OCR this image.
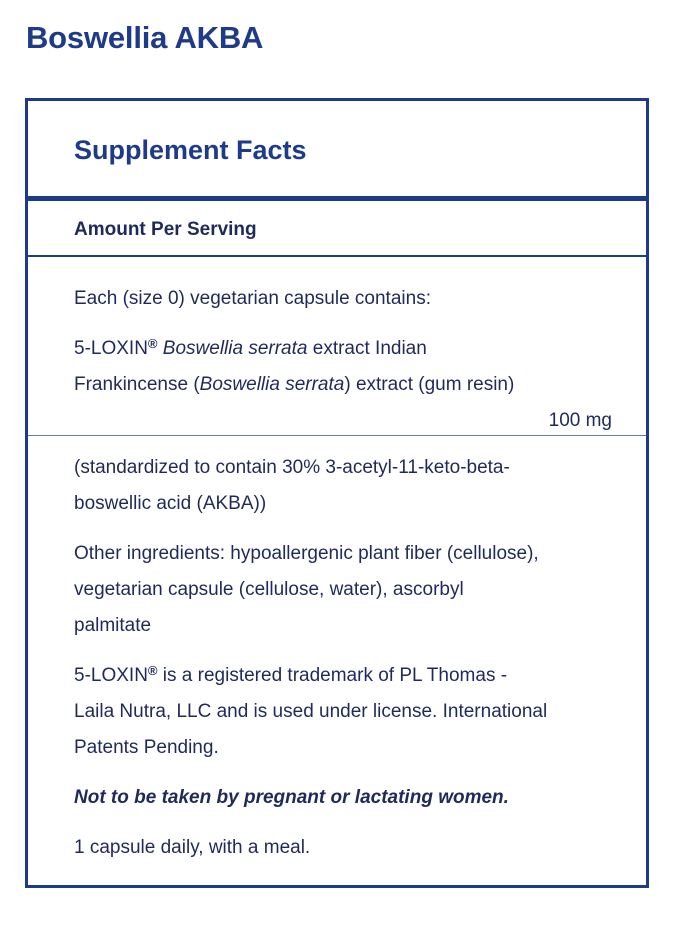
Boswellia AKBA
Supplement Facts
Amount Per Serving

Each (size 0) vegetarian capsule contains:

5-LOXIN® Boswellia serrata extract Indian

Frankincense (Boswellia serrata) extract (gum resin)

100 mg

(standardized to contain 30% 3-acetyl-11-keto-beta-
boswellic acid (AKBA))
Other ingredients: hypoallergenic plant fiber (cellulose),
vegetarian capsule (cellulose, water), ascorbyl
palmitate
5-LOXIN® is a registered trademark of PL Thomas -
Laila Nutra, LLC and is used under license. International
Patents Pending.
Not to be taken by pregnant or lactating women.
1 capsule daily, with a meal.
